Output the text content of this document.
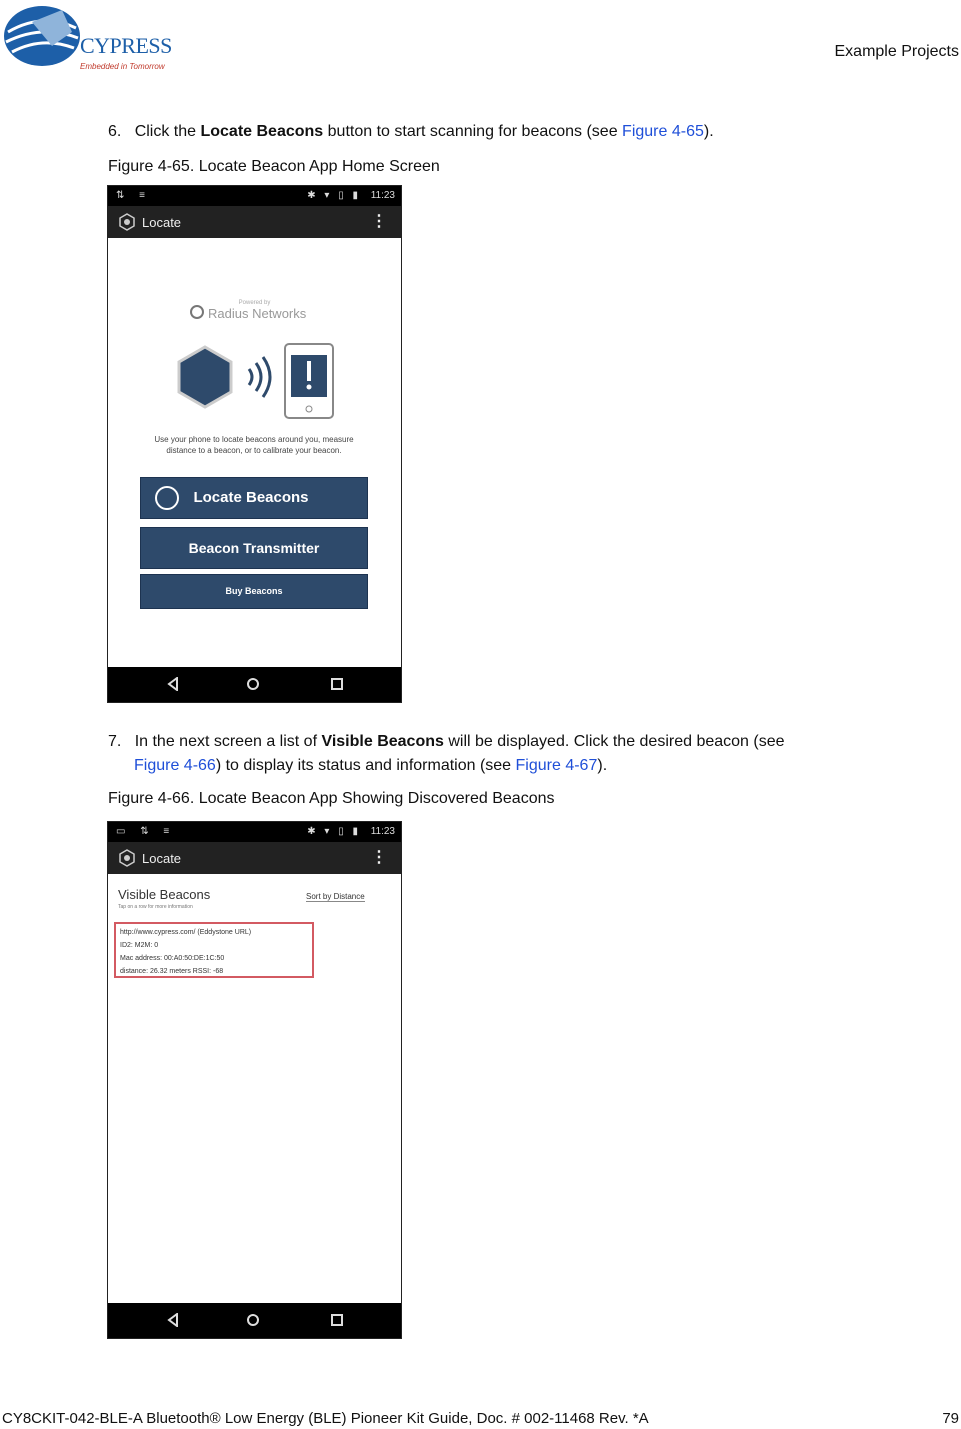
CYPRESS
Embedded in Tomorrow
Example Projects
6. Click the Locate Beacons button to start scanning for beacons (see Figure 4-65).
Figure 4-65. Locate Beacon App Home Screen
⇅ ≡	✱ ▾ ▯ ▮ 11:23
Locate	⋮
Powered by
Radius Networks
Use your phone to locate beacons around you, measure distance to a beacon, or to calibrate your beacon.
Locate Beacons
Beacon Transmitter
Buy Beacons
7. In the next screen a list of Visible Beacons will be displayed. Click the desired beacon (see
Figure 4-66) to display its status and information (see Figure 4-67).
Figure 4-66. Locate Beacon App Showing Discovered Beacons
▭ ⇅ ≡	✱ ▾ ▯ ▮ 11:23
Locate	⋮
Visible Beacons
Tap on a row for more information
Sort by Distance
http://www.cypress.com/ (Eddystone URL)
ID2: M2M: 0
Mac address: 00:A0:50:DE:1C:50
distance: 26.32 meters RSSI: -68
CY8CKIT-042-BLE-A Bluetooth® Low Energy (BLE) Pioneer Kit Guide, Doc. # 002-11468 Rev. *A	79
